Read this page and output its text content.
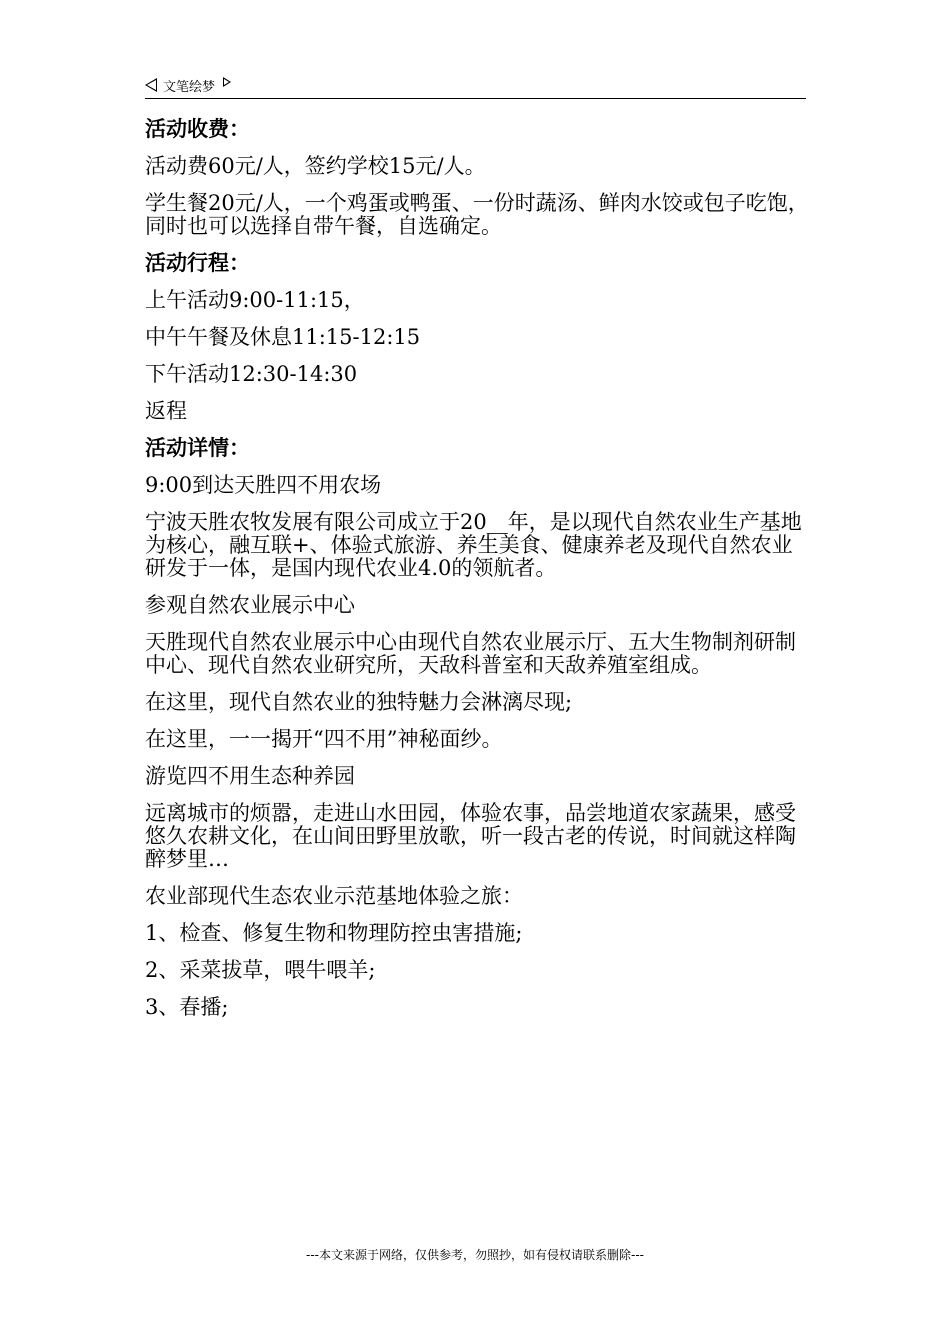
文笔绘梦

活动收费：

活动费60元/人，签约学校15元/人。

学生餐20元/人，一个鸡蛋或鸭蛋、一份时蔬汤、鲜肉水饺或包子吃饱，同时也可以选择自带午餐，自选确定。

活动行程：

上午活动9:00-11:15，

中午午餐及休息11:15-12:15

下午活动12:30-14:30

返程

活动详情：

9:00到达天胜四不用农场

宁波天胜农牧发展有限公司成立于20__年，是以现代自然农业生产基地为核心，融互联+、体验式旅游、养生美食、健康养老及现代自然农业研发于一体，是国内现代农业4.0的领航者。

参观自然农业展示中心

天胜现代自然农业展示中心由现代自然农业展示厅、五大生物制剂研制中心、现代自然农业研究所，天敌科普室和天敌养殖室组成。

在这里，现代自然农业的独特魅力会淋漓尽现;

在这里，一一揭开“四不用”神秘面纱。

游览四不用生态种养园

远离城市的烦嚣，走进山水田园，体验农事，品尝地道农家蔬果，感受悠久农耕文化，在山间田野里放歌，听一段古老的传说，时间就这样陶醉梦里…

农业部现代生态农业示范基地体验之旅：

1、检查、修复生物和物理防控虫害措施;

2、采菜拔草，喂牛喂羊;

3、春播;

---本文来源于网络，仅供参考，勿照抄，如有侵权请联系删除---
